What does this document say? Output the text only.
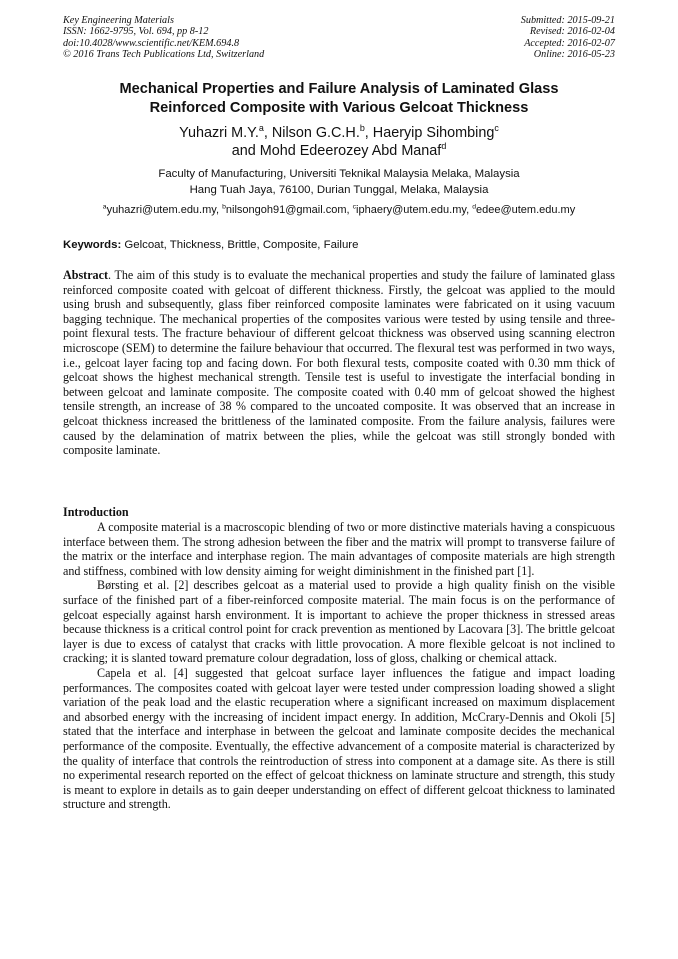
Key Engineering Materials
ISSN: 1662-9795, Vol. 694, pp 8-12
doi:10.4028/www.scientific.net/KEM.694.8
© 2016 Trans Tech Publications Ltd, Switzerland
Submitted: 2015-09-21
Revised: 2016-02-04
Accepted: 2016-02-07
Online: 2016-05-23
Mechanical Properties and Failure Analysis of Laminated Glass
Reinforced Composite with Various Gelcoat Thickness
Yuhazri M.Y.$^a$, Nilson G.C.H.$^b$, Haeryip Sihombing$^c$
and Mohd Edeerozey Abd Manaf$^d$
Faculty of Manufacturing, Universiti Teknikal Malaysia Melaka, Malaysia
Hang Tuah Jaya, 76100, Durian Tunggal, Melaka, Malaysia
$^a$yuhazri@utem.edu.my, $^b$nilsongoh91@gmail.com, $^c$iphaery@utem.edu.my, $^d$edee@utem.edu.my
Keywords: Gelcoat, Thickness, Brittle, Composite, Failure

Abstract. The aim of this study is to evaluate the mechanical properties and study the failure of laminated glass reinforced composite coated with gelcoat of different thickness. Firstly, the gelcoat was applied to the mould using brush and subsequently, glass fiber reinforced composite laminates were fabricated on it using vacuum bagging technique. The mechanical properties of the composites various were tested by using tensile and three-point flexural tests. The fracture behaviour of different gelcoat thickness was observed using scanning electron microscope (SEM) to determine the failure behaviour that occurred. The flexural test was performed in two ways, i.e., gelcoat layer facing top and facing down. For both flexural tests, composite coated with 0.30 mm thick of gelcoat shows the highest mechanical strength. Tensile test is useful to investigate the interfacial bonding in between gelcoat and laminate composite. The composite coated with 0.40 mm of gelcoat showed the highest tensile strength, an increase of 38 % compared to the uncoated composite. It was observed that an increase in gelcoat thickness increased the brittleness of the laminated composite. From the failure analysis, failures were caused by the delamination of matrix between the plies, while the gelcoat was still strongly bonded with composite laminate.

Introduction

A composite material is a macroscopic blending of two or more distinctive materials having a conspicuous interface between them. The strong adhesion between the fiber and the matrix will prompt to transverse failure of the matrix or the interface and interphase region. The main advantages of composite materials are high strength and stiffness, combined with low density aiming for weight diminishment in the finished part [1].

Børsting et al. [2] describes gelcoat as a material used to provide a high quality finish on the visible surface of the finished part of a fiber-reinforced composite material. The main focus is on the performance of gelcoat especially against harsh environment. It is important to achieve the proper thickness in stressed areas because thickness is a critical control point for crack prevention as mentioned by Lacovara [3]. The brittle gelcoat layer is due to excess of catalyst that cracks with little provocation. A more flexible gelcoat is not inclined to cracking; it is slanted toward premature colour degradation, loss of gloss, chalking or chemical attack.

Capela et al. [4] suggested that gelcoat surface layer influences the fatigue and impact loading performances. The composites coated with gelcoat layer were tested under compression loading showed a slight variation of the peak load and the elastic recuperation where a significant increased on maximum displacement and absorbed energy with the increasing of incident impact energy. In addition, McCrary-Dennis and Okoli [5] stated that the interface and interphase in between the gelcoat and laminate composite decides the mechanical performance of the composite. Eventually, the effective advancement of a composite material is characterized by the quality of interface that controls the reintroduction of stress into component at a damage site. As there is still no experimental research reported on the effect of gelcoat thickness on laminate structure and strength, this study is meant to explore in details as to gain deeper understanding on effect of different gelcoat thickness to laminated structure and strength.
